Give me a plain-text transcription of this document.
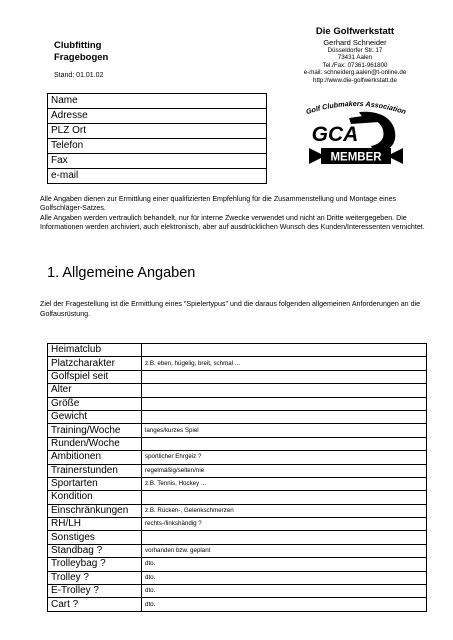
Clubfitting
Fragebogen
Stand: 01.01.02
Die Golfwerkstatt
Gerhard Schneider
Düsseldorfer Str. 17
73431 Aalen
Tel./Fax: 07361-961800
e-mail: schneiderg.aalen@t-online.de
http://www.die-golfwerkstatt.de
Name
Adresse
PLZ Ort
Telefon
Fax
e-mail
Golf Clubmakers Association
GCA
MEMBER

Alle Angaben dienen zur Ermittlung einer qualifizierten Empfehlung für die Zusammenstellung und Montage eines Golfschläger-Satzes.

Alle Angaben werden vertraulich behandelt, nur für interne Zwecke verwendet und nicht an Dritte weitergegeben. Die Informationen werden archiviert, auch elektronisch, aber auf ausdrücklichen Wunsch des Kunden/Interessenten vernichtet.

1. Allgemeine Angaben
Ziel der Fragestellung ist die Ermittlung eines "Spielertypus" und die daraus folgenden allgemeinen Anforderungen an die Golfausrüstung.
Heimatclub	
Platzcharakter	z.B. eben, hügelig, breit, schmal ...
Golfspiel seit	
Alter	
Größe	
Gewicht	
Training/Woche	langes/kurzes Spiel
Runden/Woche	
Ambitionen	sportlicher Ehrgeiz ?
Trainerstunden	regelmäßig/selten/nie
Sportarten	z.B. Tennis, Hockey ...
Kondition	
Einschränkungen	z.B. Rücken-, Gelenkschmerzen
RH/LH	rechts-/linkshändig ?
Sonstiges	
Standbag ?	vorhanden bzw. geplant
Trolleybag ?	dto.
Trolley ?	dto.
E-Trolley ?	dto.
Cart ?	dto.
